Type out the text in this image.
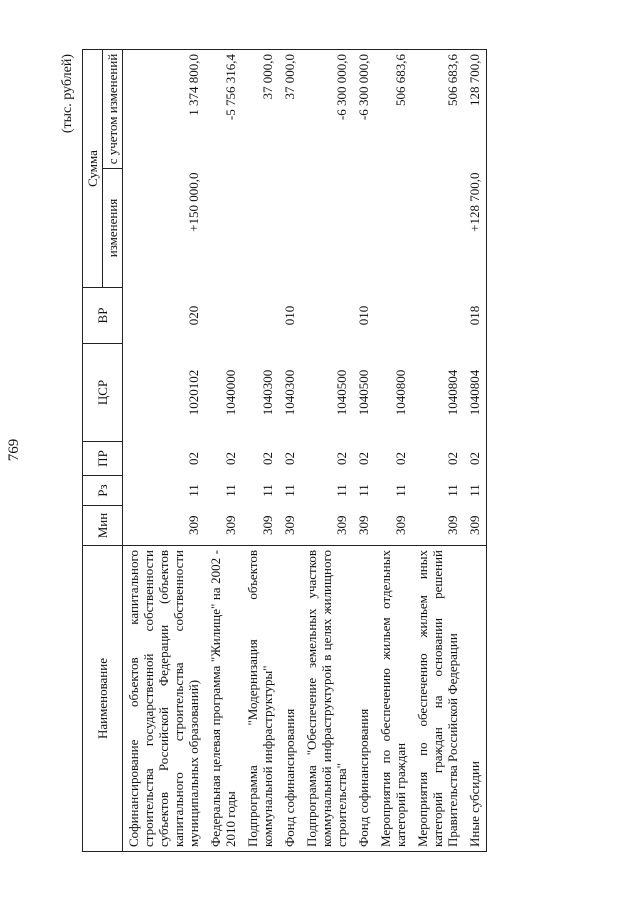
769
(тыс. рублей)
Наименование	Мин	Рз	ПР	ЦСР	ВР	Сумма	
						изменения	с учетом изменений
Софинансирование объектов капитального строительства государственной собственности субъектов Российской Федерации (объектов капитального строительства собственности муниципальных образований)	309	11	02	1020102	020	+150 000,0	1 374 800,0
Федеральная целевая программа "Жилище" на 2002 - 2010 годы	309	11	02	1040000			-5 756 316,4
Подпрограмма "Модернизация объектов коммунальной инфраструктуры"	309	11	02	1040300			37 000,0
Фонд софинансирования	309	11	02	1040300	010		37 000,0
Подпрограмма "Обеспечение земельных участков коммунальной инфраструктурой в целях жилищного строительства"	309	11	02	1040500			-6 300 000,0
Фонд софинансирования	309	11	02	1040500	010		-6 300 000,0
Мероприятия по обеспечению жильем отдельных категорий граждан	309	11	02	1040800			506 683,6
Мероприятия по обеспечению жильем иных категорий граждан на основании решений Правительства Российской Федерации	309	11	02	1040804			506 683,6
Иные субсидии	309	11	02	1040804	018	+128 700,0	128 700,0
